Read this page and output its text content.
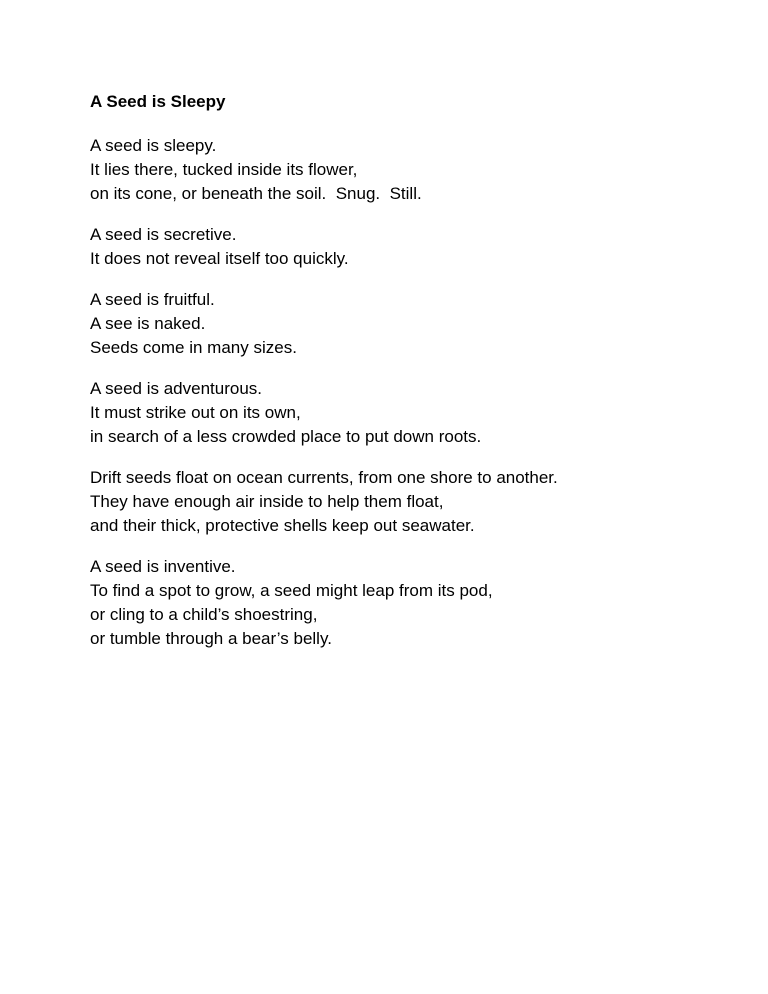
A Seed is Sleepy
A seed is sleepy.
It lies there, tucked inside its flower,
on its cone, or beneath the soil.  Snug.  Still.
A seed is secretive.
It does not reveal itself too quickly.
A seed is fruitful.
A see is naked.
Seeds come in many sizes.
A seed is adventurous.
It must strike out on its own,
in search of a less crowded place to put down roots.
Drift seeds float on ocean currents, from one shore to another.
They have enough air inside to help them float,
and their thick, protective shells keep out seawater.
A seed is inventive.
To find a spot to grow, a seed might leap from its pod,
or cling to a child’s shoestring,
or tumble through a bear’s belly.
